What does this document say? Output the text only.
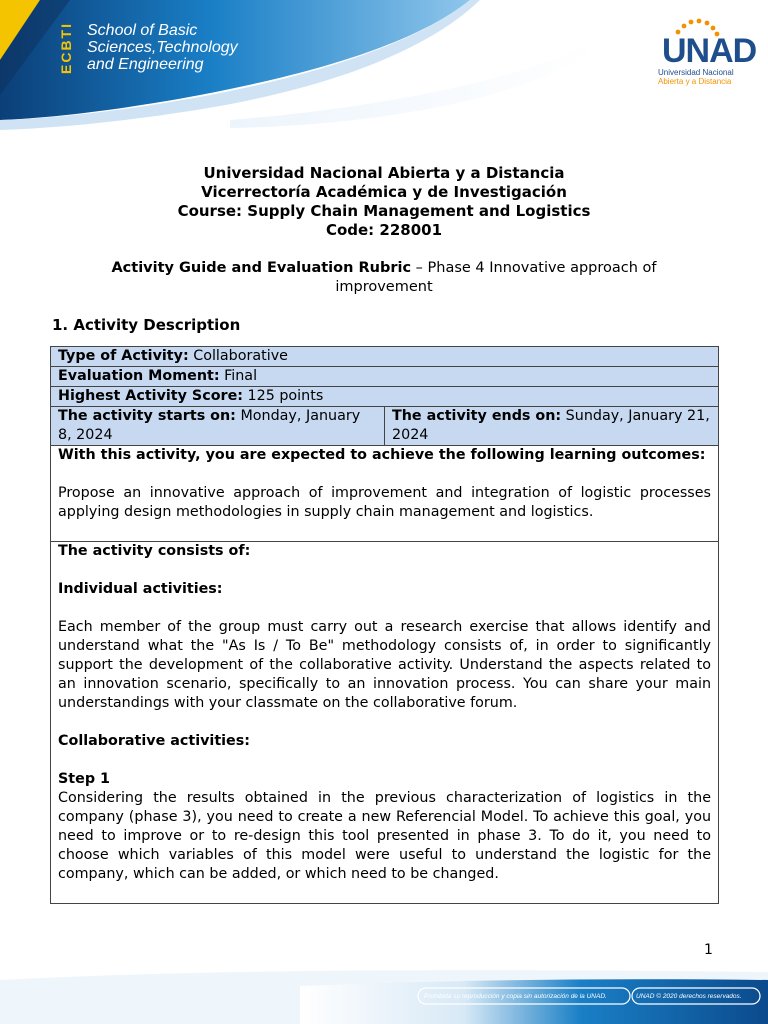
ECBTI School of Basic
Sciences,Technology
and Engineering	UNAD
Universidad Nacional
Abierta y a Distancia
Universidad Nacional Abierta y a Distancia
Vicerrectoría Académica y de Investigación
Course: Supply Chain Management and Logistics
Code: 228001
Activity Guide and Evaluation Rubric – Phase 4 Innovative approach of improvement
1. Activity Description
Type of Activity: Collaborative
Evaluation Moment: Final
Highest Activity Score: 125 points
The activity starts on: Monday, January 8, 2024	The activity ends on: Sunday, January 21, 2024
With this activity, you are expected to achieve the following learning outcomes:
Propose an innovative approach of improvement and integration of logistic processes applying design methodologies in supply chain management and logistics.

The activity consists of:
Individual activities:
Each member of the group must carry out a research exercise that allows identify and understand what the "As Is / To Be" methodology consists of, in order to significantly support the development of the collaborative activity. Understand the aspects related to an innovation scenario, specifically to an innovation process. You can share your main understandings with your classmate on the collaborative forum.
Collaborative activities:
Step 1
Considering the results obtained in the previous characterization of logistics in the company (phase 3), you need to create a new Referencial Model. To achieve this goal, you need to improve or to re-design this tool presented in phase 3. To do it, you need to choose which variables of this model were useful to understand the logistic for the company, which can be added, or which need to be changed.
1
Prohibida su reproducción y copia sin autorización de la UNAD.	UNAD © 2020 derechos reservados.
